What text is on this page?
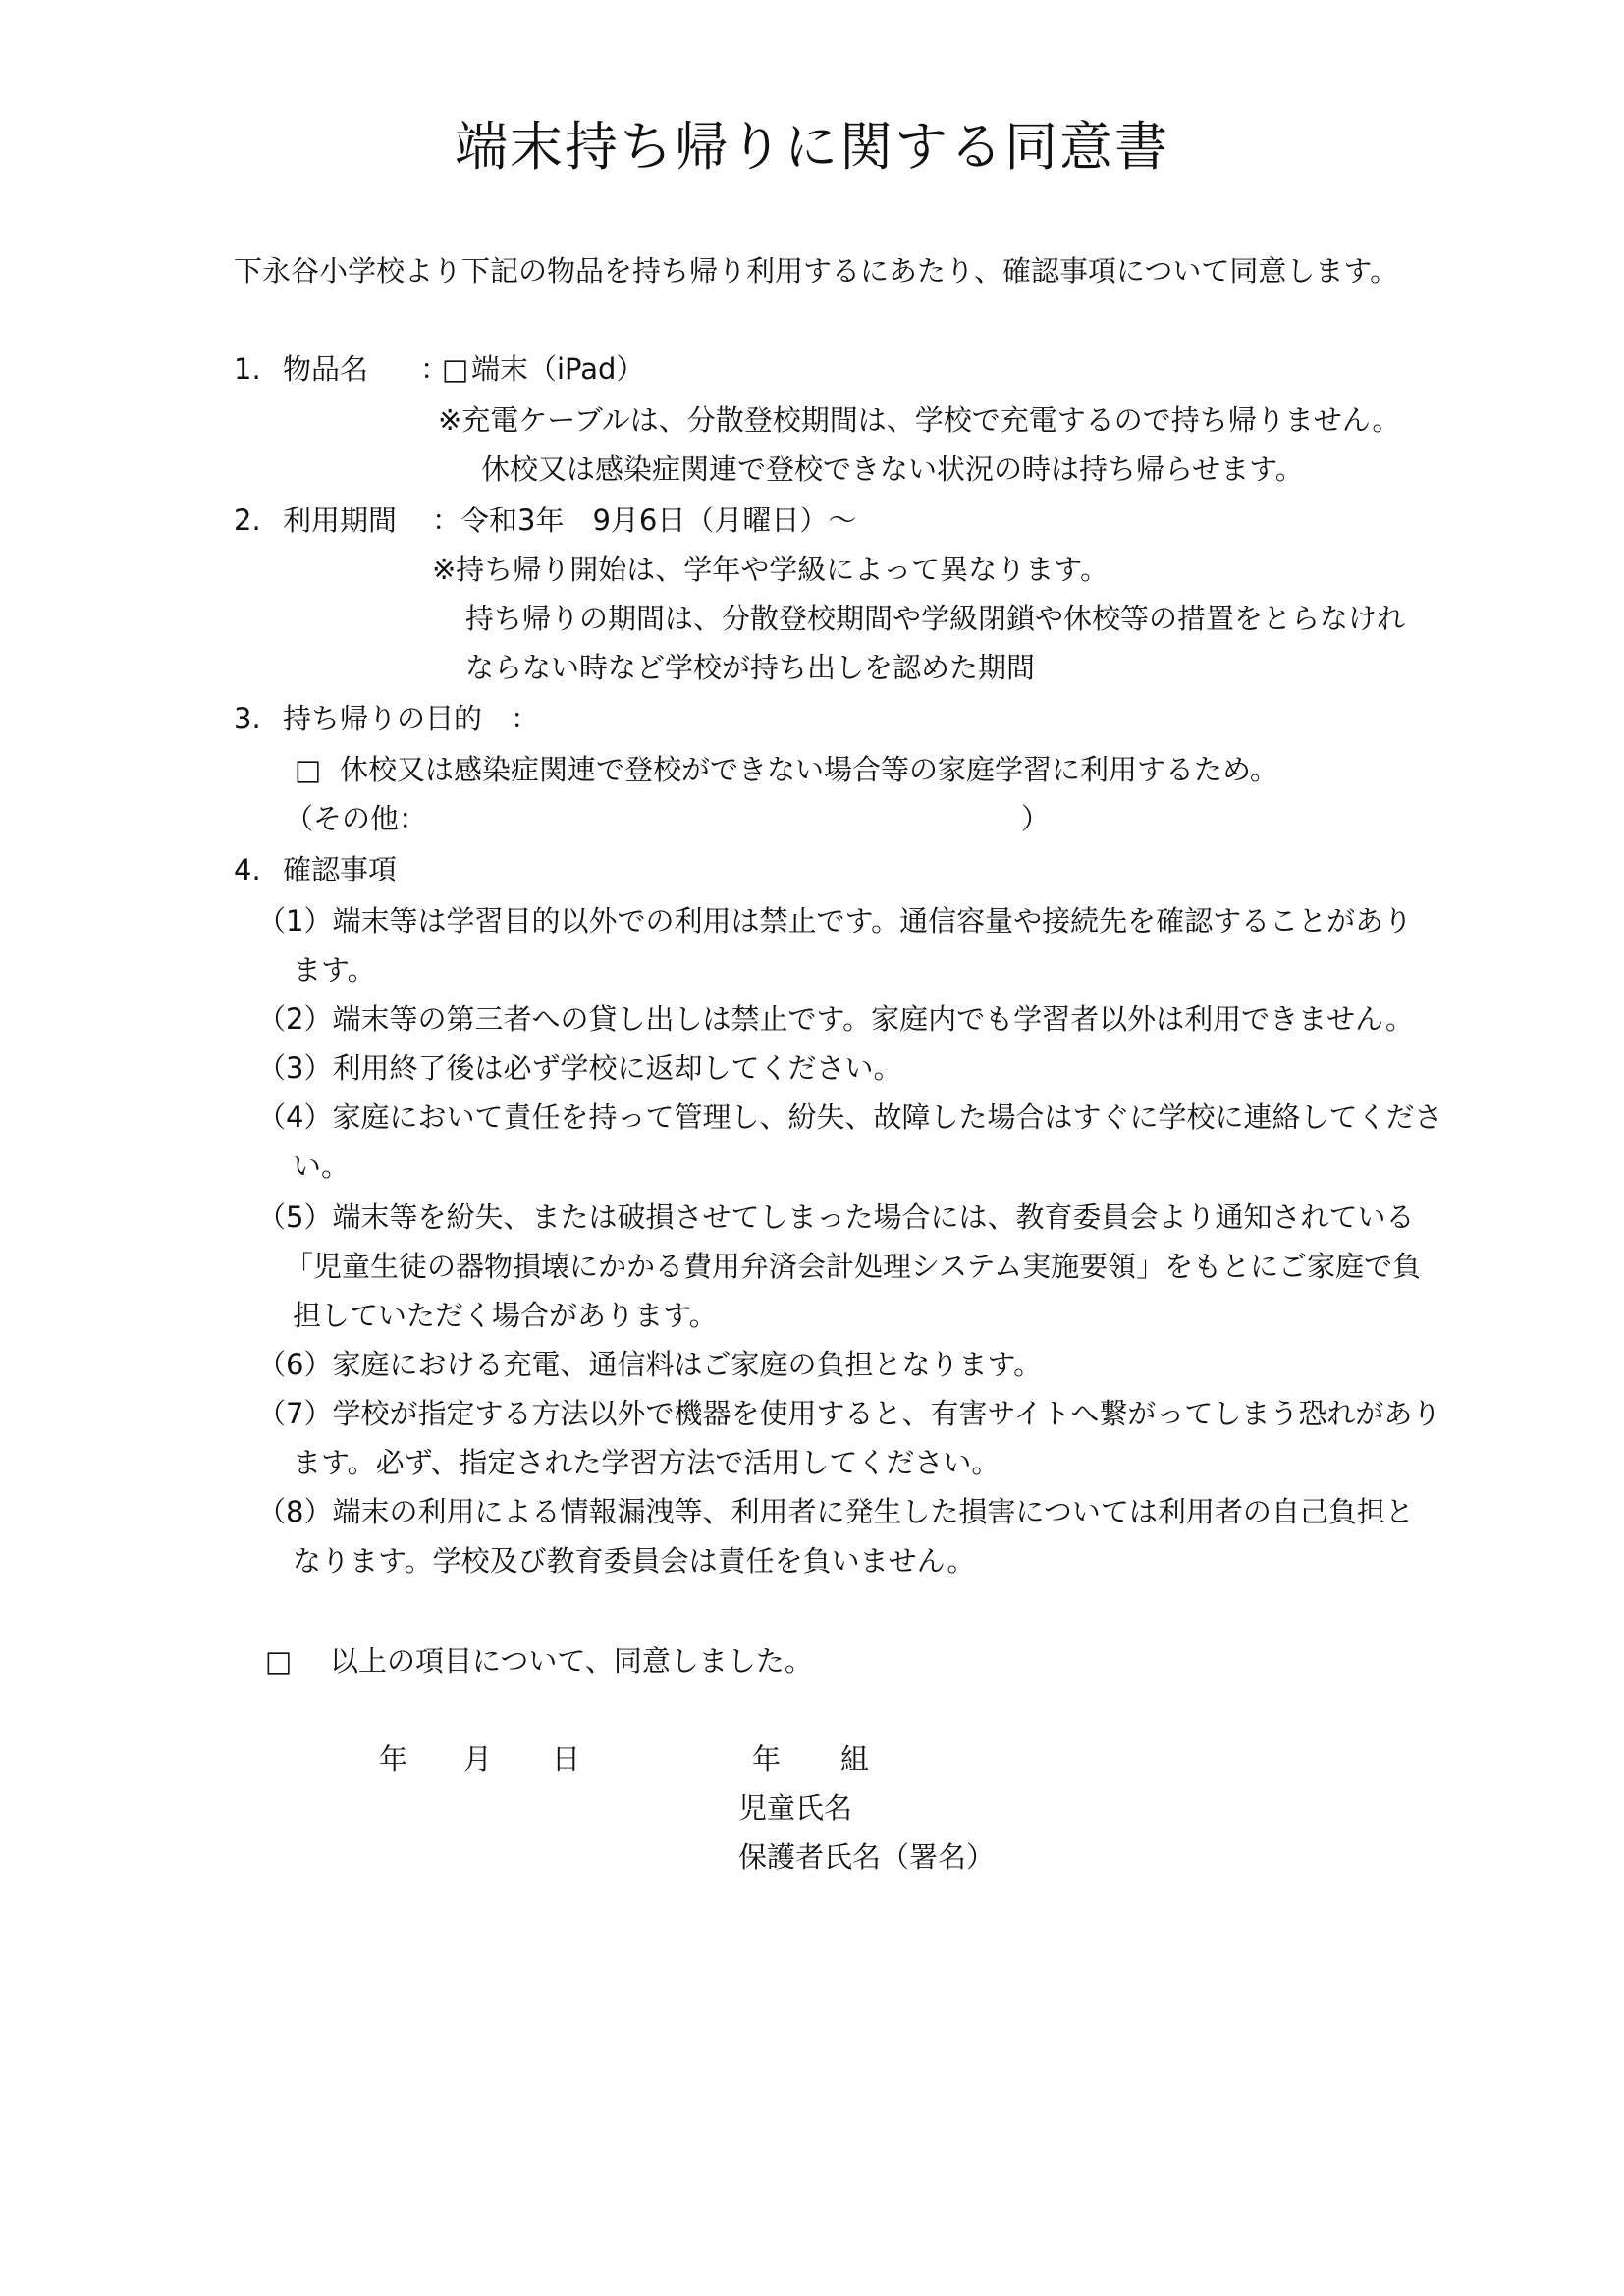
端末持ち帰りに関する同意書
下永谷小学校より下記の物品を持ち帰り利用するにあたり、確認事項について同意します。
1. 物品名 ：
□ 端末（iPad）
※充電ケーブルは、分散登校期間は、学校で充電するので持ち帰りません。
休校又は感染症関連で登校できない状況の時は持ち帰らせます。
2. 利用期間 ：令和3年　9月6日（月曜日）～
※持ち帰り開始は、学年や学級によって異なります。
持ち帰りの期間は、分散登校期間や学級閉鎖や休校等の措置をとらなけれ
ならない時など学校が持ち出しを認めた期間
3. 持ち帰りの目的　：
□ 休校又は感染症関連で登校ができない場合等の家庭学習に利用するため。
（その他：	）
4. 確認事項
（1）端末等は学習目的以外での利用は禁止です。通信容量や接続先を確認することがあり
ます。
（2）端末等の第三者への貸し出しは禁止です。家庭内でも学習者以外は利用できません。
（3）利用終了後は必ず学校に返却してください。
（4）家庭において責任を持って管理し、紛失、故障した場合はすぐに学校に連絡してくださ
い。
（5）端末等を紛失、または破損させてしまった場合には、教育委員会より通知されている
「児童生徒の器物損壊にかかる費用弁済会計処理システム実施要領」をもとにご家庭で負
担していただく場合があります。
（6）家庭における充電、通信料はご家庭の負担となります。
（7）学校が指定する方法以外で機器を使用すると、有害サイトへ繋がってしまう恐れがあり
ます。必ず、指定された学習方法で活用してください。
（8）端末の利用による情報漏洩等、利用者に発生した損害については利用者の自己負担と
なります。学校及び教育委員会は責任を負いません。
□ 以上の項目について、同意しました。
年 月 日	年 組
児童氏名
保護者氏名（署名）
